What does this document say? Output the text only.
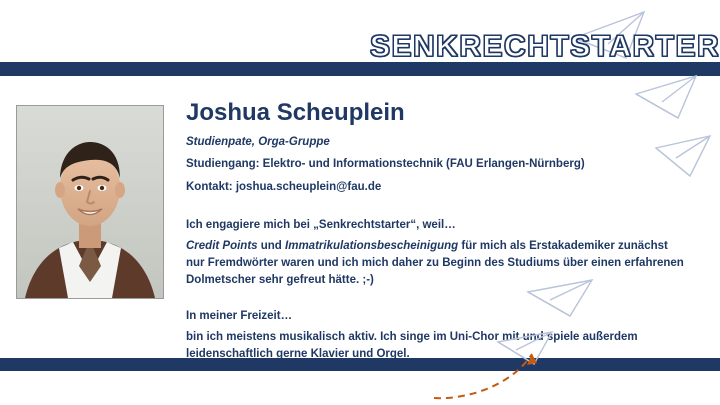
SENKRECHTSTARTER
Joshua Scheuplein

Studienpate, Orga-Gruppe

Studiengang: Elektro- und Informationstechnik (FAU Erlangen-Nürnberg)

Kontakt: joshua.scheuplein@fau.de

Ich engagiere mich bei „Senkrechtstarter“, weil…

Credit Points und Immatrikulationsbescheinigung für mich als Erstakademiker zunächst nur Fremdwörter waren und ich mich daher zu Beginn des Studiums über einen erfahrenen Dolmetscher sehr gefreut hätte. ;-)

In meiner Freizeit…

bin ich meistens musikalisch aktiv. Ich singe im Uni-Chor mit und spiele außerdem leidenschaftlich gerne Klavier und Orgel.
